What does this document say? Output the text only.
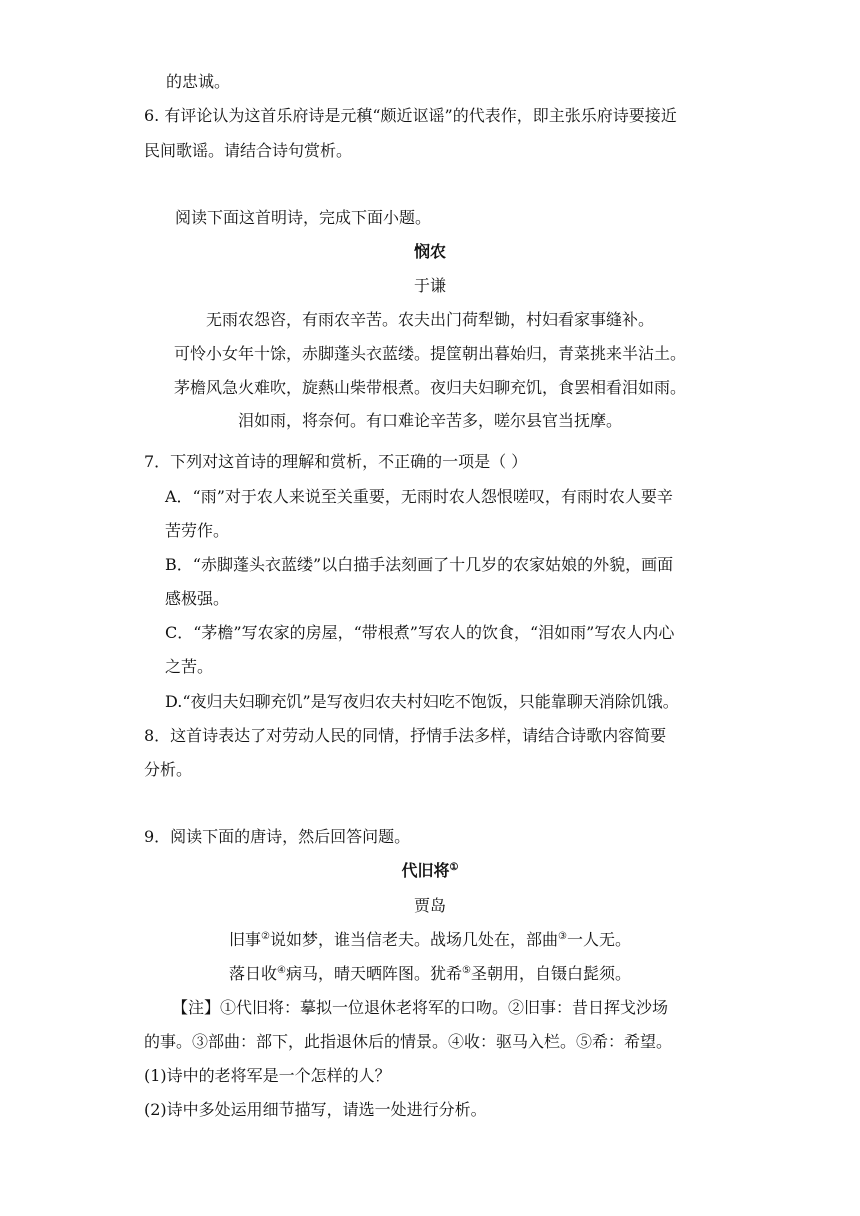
的忠诚。
6. 有评论认为这首乐府诗是元稹“颇近讴谣”的代表作，即主张乐府诗要接近
民间歌谣。请结合诗句赏析。
阅读下面这首明诗，完成下面小题。
悯农
于谦
无雨农怨咨，有雨农辛苦。农夫出门荷犁锄，村妇看家事缝补。
可怜小女年十馀，赤脚蓬头衣蓝缕。提筐朝出暮始归，青菜挑来半沾土。
茅檐风急火难吹，旋爇山柴带根煮。夜归夫妇聊充饥，食罢相看泪如雨。
泪如雨，将奈何。有口难论辛苦多，嗟尔县官当抚摩。
7．下列对这首诗的理解和赏析，不正确的一项是（ ）
A．“雨”对于农人来说至关重要，无雨时农人怨恨嗟叹，有雨时农人要辛
苦劳作。
B．“赤脚蓬头衣蓝缕”以白描手法刻画了十几岁的农家姑娘的外貌，画面
感极强。
C．“茅檐”写农家的房屋，“带根煮”写农人的饮食，“泪如雨”写农人内心
之苦。
D.“夜归夫妇聊充饥”是写夜归农夫村妇吃不饱饭，只能靠聊天消除饥饿。
8．这首诗表达了对劳动人民的同情，抒情手法多样，请结合诗歌内容简要
分析。
9．阅读下面的唐诗，然后回答问题。
代旧将①
贾岛
旧事②说如梦，谁当信老夫。战场几处在，部曲③一人无。
落日收④病马，晴天晒阵图。犹希⑤圣朝用，自镊白髭须。
【注】①代旧将：摹拟一位退休老将军的口吻。②旧事：昔日挥戈沙场
的事。③部曲：部下，此指退休后的情景。④收：驱马入栏。⑤希：希望。
(1)诗中的老将军是一个怎样的人？
(2)诗中多处运用细节描写，请选一处进行分析。
